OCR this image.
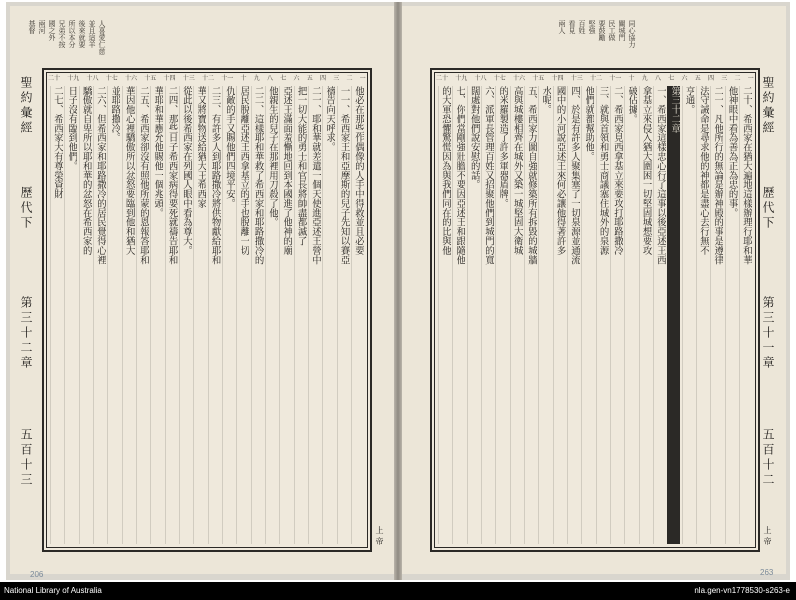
人喜愛仁慈
並且這羊
後來就要
所以本分
兄弟不按
國之外
兩河
基督
聖約彙經
歷代下
第三十二章
五百十三
一
二
三
四
五
六
七
八
九
十
十一
十二
十三
十四
十五
十六
十七
十八
十九
二十
他必在那些作偶像的人手中得救並且必要
一一、希西家王和亞摩斯的兒子先知以賽亞
禱告向天呼求。
二一、耶和華就差遣一個天使進亞述王營中
把一切大能的勇士和官長將帥盡都滅了
亞述王滿面羞慚地回到本國進了他神的廟
他親生的兒子在那裡用刀殺了他。
二二、這樣耶和華救了希西家和耶路撒冷的
居民脫離亞述王西拿基立的手也脫離一切
仇敵的手又賜他們四境平安。
二三、有許多人到耶路撒冷將供物獻給耶和
華又將寶物送給猶大王希西家
從此以後希西家在列國人眼中看為尊大。
二四、那些日子希西家病得要死就禱告耶和
華耶和華應允他賜他一個兆頭。
二五、希西家卻沒有照他所蒙的恩報答耶和
華因他心裡驕傲所以忿怒要臨到他和猶大
並耶路撒冷。
二六、但希西家和耶路撒冷的居民覺得心裡
驕傲就自卑所以耶和華的忿怒在希西家的
日子沒有臨到他們。
二七、希西家大有尊榮資財
上帝
同心協力
關城門
民工做
要鼓勵
堅強
百姓
看見
兩人
一
二
三
四
五
六
七
八
九
十
十一
十二
十三
十四
十五
十六
十七
十八
十九
二十
二十、希西家在猶大遍地這樣辦理行耶和華
他神眼中看為善為正為忠的事。
二一、凡他所行的無論是辦神殿的事是遵律
法守誡命是尋求他的神都是盡心去行無不
亨通。
第三十二章
一、希西家這樣忠心行了這事以後亞述王西
拿基立來侵入猶大圍困一切堅固城想要攻
破佔據。
二、希西家見西拿基立來要攻打耶路撒冷
三、就與首領和勇士商議塞住城外的泉源
他們就都幫助他。
四、於是有許多人聚集塞了一切泉源並通流
國中的小河說亞述王來何必讓他得著許多
水呢。
五、希西家力圖自強就修築所有拆毀的城牆
高與城樓相齊在城外又築一城堅固大衛城
的米羅製造了許多軍器盾牌。
六、派軍長管理百姓又招聚他們到城門的寬
闊處對他們說安慰的話。
七、你們當剛強壯膽不要因亞述王和跟隨他
的大軍恐懼驚慌因為與我們同在的比與他	聖約彙經
歷代下
第三十一章
五百十二
上帝
206	263
National Library of Australia	nla.gen-vn1778530-s263-e
